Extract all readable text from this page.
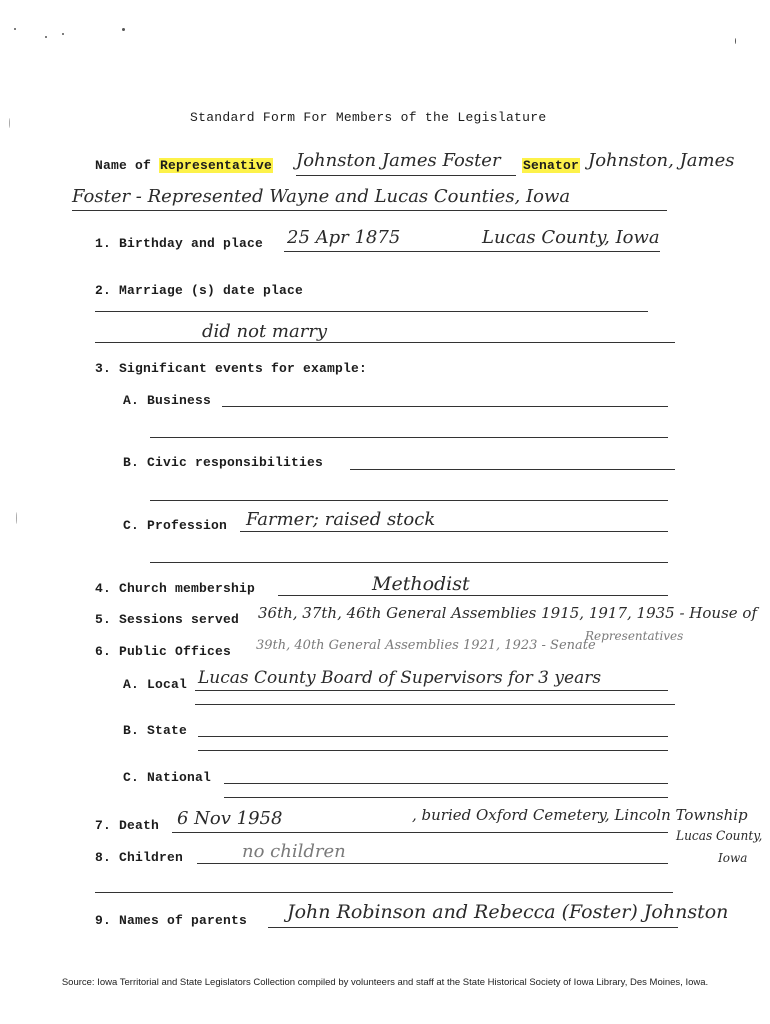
Standard Form For Members of the Legislature
Name of Representative Johnston James Foster Senator Johnston, James
Foster - Represented Wayne and Lucas Counties, Iowa
1. Birthday and place 25 Apr 1875	Lucas County, Iowa
2. Marriage (s) date place
did not marry
3. Significant events for example:
A. Business
B. Civic responsibilities
C. Profession Farmer; raised stock
4. Church membership	Methodist
5. Sessions served 36th, 37th, 46th General Assemblies 1915, 1917, 1935 - House of
6. Public Offices 39th, 40th General Assemblies 1921, 1923 - Senate
Representatives
A. Local Lucas County Board of Supervisors for 3 years
B. State
C. National
7. Death 6 Nov 1958	, buried Oxford Cemetery, Lincoln Township
Lucas County,
Iowa
8. Children	no children
9. Names of parents John Robinson and Rebecca (Foster) Johnston
Source: Iowa Territorial and State Legislators Collection compiled by volunteers and staff at the State Historical Society of Iowa Library, Des Moines, Iowa.
